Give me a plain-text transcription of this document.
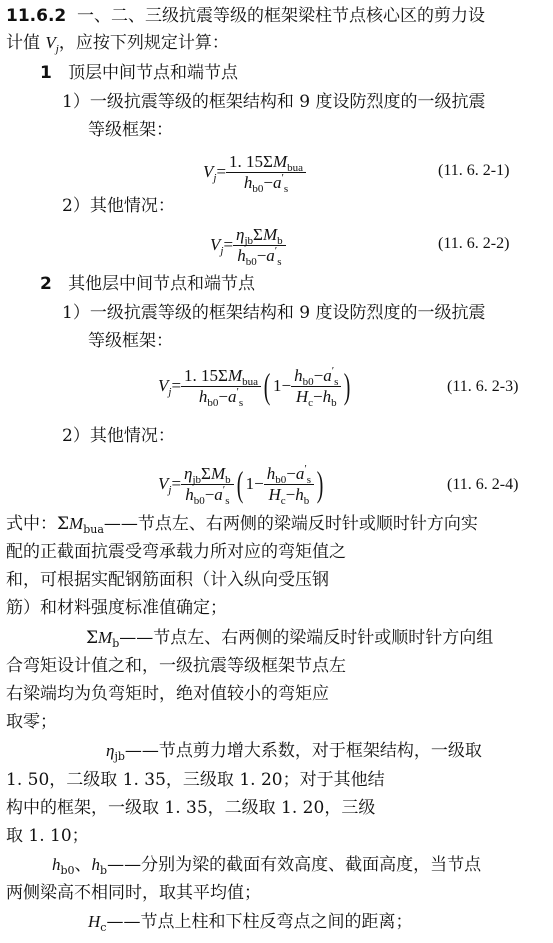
11.6.2 一、二、三级抗震等级的框架梁柱节点核心区的剪力设
计值 $V_j$，应按下列规定计算：
1 顶层中间节点和端节点
1）一级抗震等级的框架结构和 9 度设防烈度的一级抗震
等级框架：
$V_j = \frac{1. 15\Sigma M_{bua}}{h_{b0}-a'_s}$	(11. 6. 2-1)
2）其他情况：
$V_j = \frac{\eta_{jb}\Sigma M_b}{h_{b0}-a'_s}$	(11. 6. 2-2)
2 其他层中间节点和端节点
1）一级抗震等级的框架结构和 9 度设防烈度的一级抗震
等级框架：
$V_j = \frac{1. 15\Sigma M_{bua}}{h_{b0}-a'_s}$ ( $1- \frac{h_{b0}-a'_s}{H_c-h_b}$ )	(11. 6. 2-3)
2）其他情况：
$V_j = \frac{\eta_{jb}\Sigma M_b}{h_{b0}-a'_s}$ ( $1- \frac{h_{b0}-a'_s}{H_c-h_b}$ )	(11. 6. 2-4)
式中：$\Sigma M_{bua}——$节点左、右两侧的梁端反时针或顺时针方向实
配的正截面抗震受弯承载力所对应的弯矩值之
和，可根据实配钢筋面积（计入纵向受压钢
筋）和材料强度标准值确定；
$\Sigma M_b——$节点左、右两侧的梁端反时针或顺时针方向组
合弯矩设计值之和，一级抗震等级框架节点左
右梁端均为负弯矩时，绝对值较小的弯矩应
取零；
$\eta_{jb}——$节点剪力增大系数，对于框架结构，一级取
1. 50，二级取 1. 35，三级取 1. 20；对于其他结
构中的框架，一级取 1. 35，二级取 1. 20，三级
取 1. 10；
$h_{b0}$、$h_b——$分别为梁的截面有效高度、截面高度，当节点
两侧梁高不相同时，取其平均值；
$H_c——$节点上柱和下柱反弯点之间的距离；
